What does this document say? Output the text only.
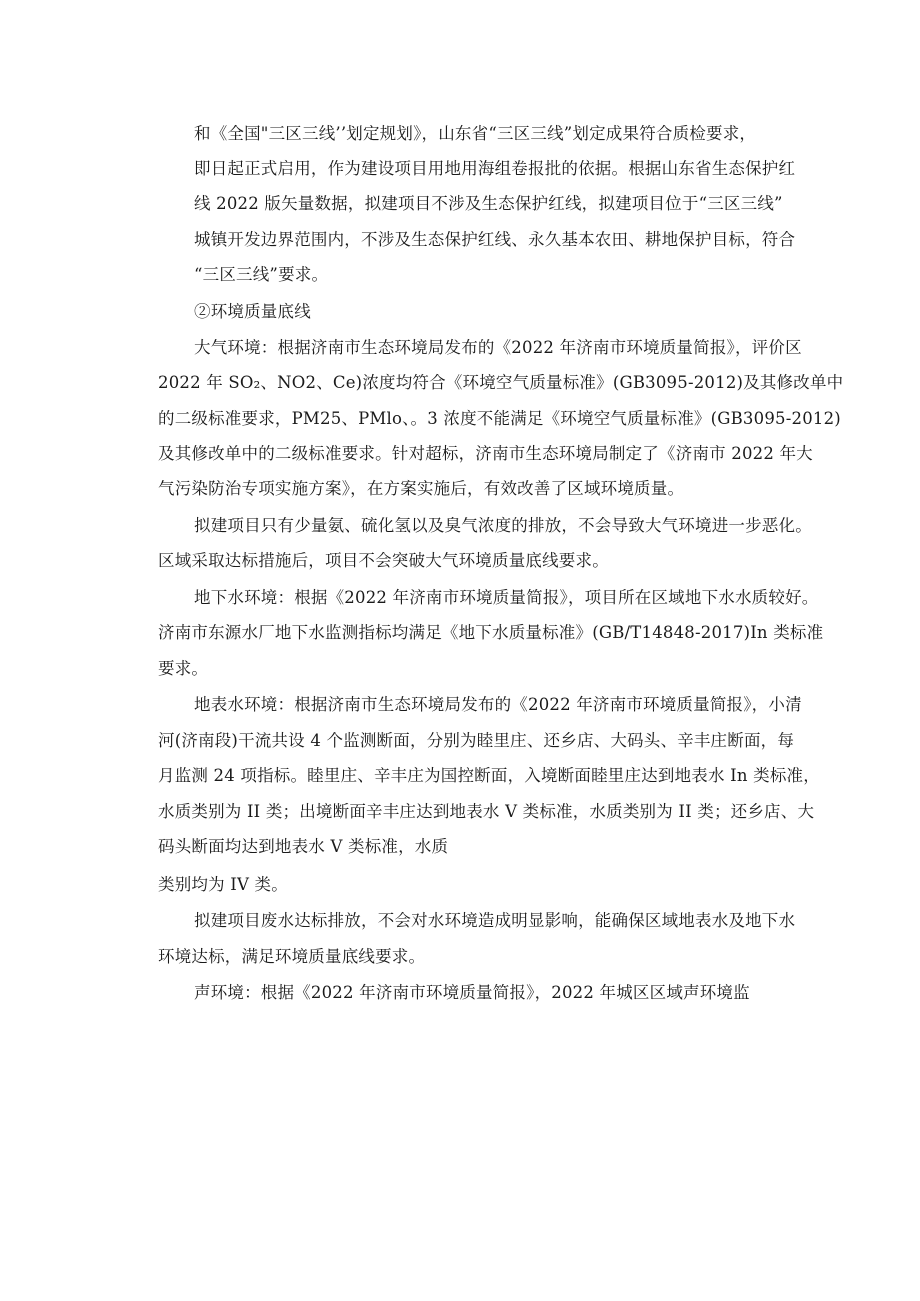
和《全国"三区三线’’划定规划》，山东省“三区三线”划定成果符合质检要求，
即日起正式启用，作为建设项目用地用海组卷报批的依据。根据山东省生态保护红
线 2022 版矢量数据，拟建项目不涉及生态保护红线，拟建项目位于“三区三线”
城镇开发边界范围内，不涉及生态保护红线、永久基本农田、耕地保护目标，符合
“三区三线”要求。
②环境质量底线
大气环境：根据济南市生态环境局发布的《2022 年济南市环境质量简报》，评价区
2022 年 SO₂、NO2、Ce)浓度均符合《环境空气质量标准》(GB3095-2012)及其修改单中
的二级标准要求，PM25、PMlo、。3 浓度不能满足《环境空气质量标准》(GB3095-2012)
及其修改单中的二级标准要求。针对超标，济南市生态环境局制定了《济南市 2022 年大
气污染防治专项实施方案》，在方案实施后，有效改善了区域环境质量。
拟建项目只有少量氨、硫化氢以及臭气浓度的排放，不会导致大气环境进一步恶化。
区域采取达标措施后，项目不会突破大气环境质量底线要求。
地下水环境：根据《2022 年济南市环境质量简报》，项目所在区域地下水水质较好。
济南市东源水厂地下水监测指标均满足《地下水质量标准》(GB/T14848-2017)In 类标准
要求。
地表水环境：根据济南市生态环境局发布的《2022 年济南市环境质量简报》，小清
河(济南段)干流共设 4 个监测断面，分别为睦里庄、还乡店、大码头、辛丰庄断面，每
月监测 24 项指标。睦里庄、辛丰庄为国控断面，入境断面睦里庄达到地表水 In 类标准，
水质类别为 II 类；出境断面辛丰庄达到地表水 V 类标准，水质类别为 II 类；还乡店、大
码头断面均达到地表水 V 类标准，水质
类别均为 IV 类。
拟建项目废水达标排放，不会对水环境造成明显影响，能确保区域地表水及地下水
环境达标，满足环境质量底线要求。
声环境：根据《2022 年济南市环境质量简报》，2022 年城区区域声环境监
